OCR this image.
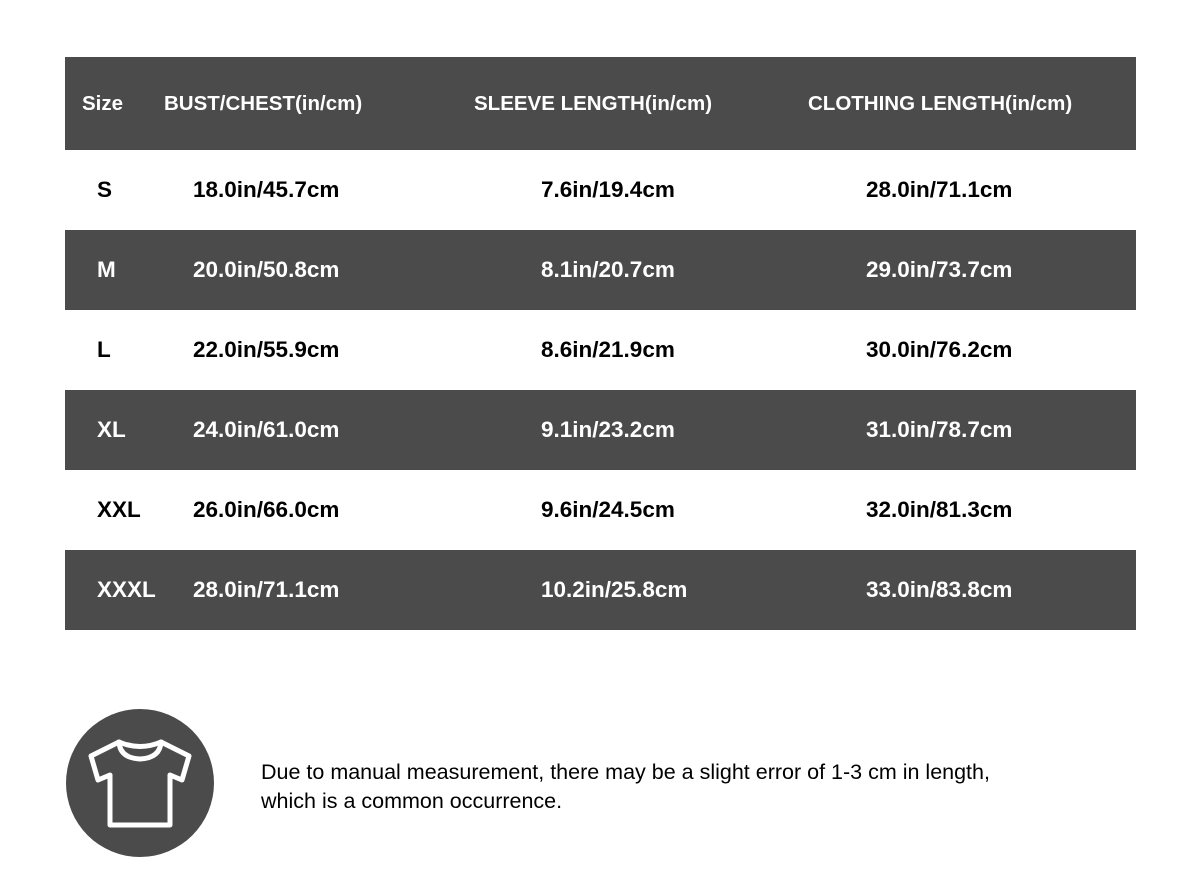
Size BUST/CHEST(in/cm)	SLEEVE LENGTH(in/cm)	CLOTHING LENGTH(in/cm)
S	18.0in/45.7cm	7.6in/19.4cm	28.0in/71.1cm
M	20.0in/50.8cm	8.1in/20.7cm	29.0in/73.7cm
L	22.0in/55.9cm	8.6in/21.9cm	30.0in/76.2cm
XL	24.0in/61.0cm	9.1in/23.2cm	31.0in/78.7cm
XXL 26.0in/66.0cm	9.6in/24.5cm	32.0in/81.3cm
XXXL 28.0in/71.1cm	10.2in/25.8cm	33.0in/83.8cm
Due to manual measurement, there may be a slight error of 1-3 cm in length,
which is a common occurrence.
